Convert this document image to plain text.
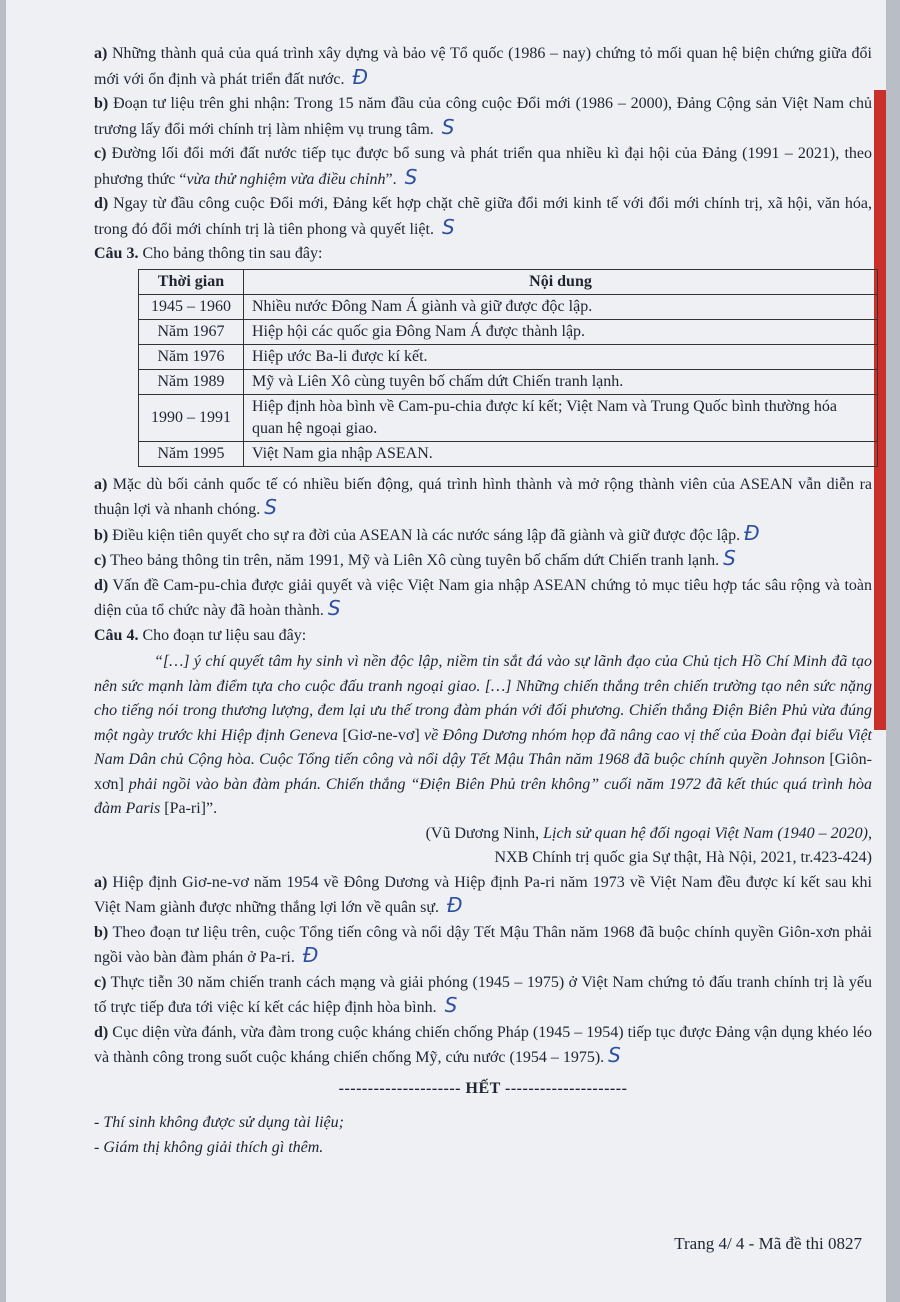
a) Những thành quả của quá trình xây dựng và bảo vệ Tổ quốc (1986 – nay) chứng tỏ mối quan hệ biện chứng giữa đổi mới với ổn định và phát triển đất nước. Đ

b) Đoạn tư liệu trên ghi nhận: Trong 15 năm đầu của công cuộc Đổi mới (1986 – 2000), Đảng Cộng sản Việt Nam chủ trương lấy đổi mới chính trị làm nhiệm vụ trung tâm. S

c) Đường lối đổi mới đất nước tiếp tục được bổ sung và phát triển qua nhiều kì đại hội của Đảng (1991 – 2021), theo phương thức “vừa thử nghiệm vừa điều chỉnh”. S

d) Ngay từ đầu công cuộc Đổi mới, Đảng kết hợp chặt chẽ giữa đổi mới kinh tế với đổi mới chính trị, xã hội, văn hóa, trong đó đổi mới chính trị là tiên phong và quyết liệt. S

Câu 3. Cho bảng thông tin sau đây:

Thời gian	Nội dung
1945 – 1960	Nhiều nước Đông Nam Á giành và giữ được độc lập.
Năm 1967	Hiệp hội các quốc gia Đông Nam Á được thành lập.
Năm 1976	Hiệp ước Ba-li được kí kết.
Năm 1989	Mỹ và Liên Xô cùng tuyên bố chấm dứt Chiến tranh lạnh.
1990 – 1991	Hiệp định hòa bình về Cam-pu-chia được kí kết; Việt Nam và Trung Quốc bình thường hóa quan hệ ngoại giao.
Năm 1995	Việt Nam gia nhập ASEAN.

a) Mặc dù bối cảnh quốc tế có nhiều biến động, quá trình hình thành và mở rộng thành viên của ASEAN vẫn diễn ra thuận lợi và nhanh chóng. S

b) Điều kiện tiên quyết cho sự ra đời của ASEAN là các nước sáng lập đã giành và giữ được độc lập. Đ

c) Theo bảng thông tin trên, năm 1991, Mỹ và Liên Xô cùng tuyên bố chấm dứt Chiến tranh lạnh. S

d) Vấn đề Cam-pu-chia được giải quyết và việc Việt Nam gia nhập ASEAN chứng tỏ mục tiêu hợp tác sâu rộng và toàn diện của tổ chức này đã hoàn thành. S

Câu 4. Cho đoạn tư liệu sau đây:

“[…] ý chí quyết tâm hy sinh vì nền độc lập, niềm tin sắt đá vào sự lãnh đạo của Chủ tịch Hồ Chí Minh đã tạo nên sức mạnh làm điểm tựa cho cuộc đấu tranh ngoại giao. […] Những chiến thắng trên chiến trường tạo nên sức nặng cho tiếng nói trong thương lượng, đem lại ưu thế trong đàm phán với đối phương. Chiến thắng Điện Biên Phủ vừa đúng một ngày trước khi Hiệp định Geneva [Giơ-ne-vơ] về Đông Dương nhóm họp đã nâng cao vị thế của Đoàn đại biểu Việt Nam Dân chủ Cộng hòa. Cuộc Tổng tiến công và nổi dậy Tết Mậu Thân năm 1968 đã buộc chính quyền Johnson [Giôn-xơn] phải ngồi vào bàn đàm phán. Chiến thắng “Điện Biên Phủ trên không” cuối năm 1972 đã kết thúc quá trình hòa đàm Paris [Pa-ri]”.

(Vũ Dương Ninh, Lịch sử quan hệ đối ngoại Việt Nam (1940 – 2020),

NXB Chính trị quốc gia Sự thật, Hà Nội, 2021, tr.423-424)

a) Hiệp định Giơ-ne-vơ năm 1954 về Đông Dương và Hiệp định Pa-ri năm 1973 về Việt Nam đều được kí kết sau khi Việt Nam giành được những thắng lợi lớn về quân sự. Đ

b) Theo đoạn tư liệu trên, cuộc Tổng tiến công và nổi dậy Tết Mậu Thân năm 1968 đã buộc chính quyền Giôn-xơn phải ngồi vào bàn đàm phán ở Pa-ri. Đ

c) Thực tiễn 30 năm chiến tranh cách mạng và giải phóng (1945 – 1975) ở Việt Nam chứng tỏ đấu tranh chính trị là yếu tố trực tiếp đưa tới việc kí kết các hiệp định hòa bình. S

d) Cục diện vừa đánh, vừa đàm trong cuộc kháng chiến chống Pháp (1945 – 1954) tiếp tục được Đảng vận dụng khéo léo và thành công trong suốt cuộc kháng chiến chống Mỹ, cứu nước (1954 – 1975). S

--------------------- HẾT ---------------------

- Thí sinh không được sử dụng tài liệu;

- Giám thị không giải thích gì thêm.

Trang 4/ 4 - Mã đề thi 0827
